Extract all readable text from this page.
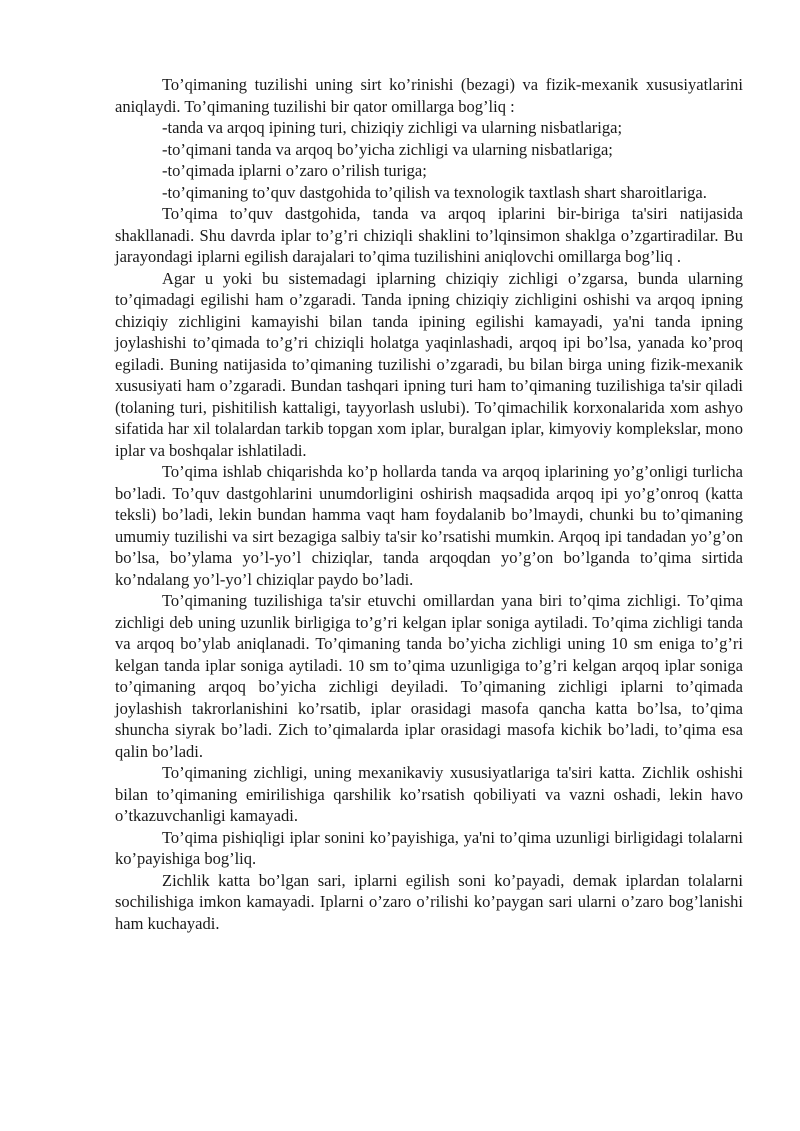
To’qimaning tuzilishi uning sirt ko’rinishi (bezagi) va fizik-mexanik xususiyatlarini aniqlaydi. To’qimaning tuzilishi bir qator omillarga bog’liq :

-tanda va arqoq ipining turi, chiziqiy zichligi va ularning nisbatlariga;

-to’qimani tanda va arqoq bo’yicha zichligi va ularning nisbatlariga;

-to’qimada iplarni o’zaro o’rilish turiga;

-to’qimaning to’quv dastgohida to’qilish va texnologik taxtlash shart sharoitlariga.

To’qima to’quv dastgohida, tanda va arqoq iplarini bir-biriga ta'siri natijasida shakllanadi. Shu davrda iplar to’g’ri chiziqli shaklini to’lqinsimon shaklga o’zgartiradilar. Bu jarayondagi iplarni egilish darajalari to’qima tuzilishini aniqlovchi omillarga bog’liq .

Agar u yoki bu sistemadagi iplarning chiziqiy zichligi o’zgarsa, bunda ularning to’qimadagi egilishi ham o’zgaradi. Tanda ipning chiziqiy zichligini oshishi va arqoq ipning chiziqiy zichligini kamayishi bilan tanda ipining egilishi kamayadi, ya'ni tanda ipning joylashishi to’qimada to’g’ri chiziqli holatga yaqinlashadi, arqoq ipi bo’lsa, yanada ko’proq egiladi. Buning natijasida to’qimaning tuzilishi o’zgaradi, bu bilan birga uning fizik-mexanik xususiyati ham o’zgaradi. Bundan tashqari ipning turi ham to’qimaning tuzilishiga ta'sir qiladi (tolaning turi, pishitilish kattaligi, tayyorlash uslubi). To’qimachilik korxonalarida xom ashyo sifatida har xil tolalardan tarkib topgan xom iplar, buralgan iplar, kimyoviy komplekslar, mono iplar va boshqalar ishlatiladi.

To’qima ishlab chiqarishda ko’p hollarda tanda va arqoq iplarining yo’g’onligi turlicha bo’ladi. To’quv dastgohlarini unumdorligini oshirish maqsadida arqoq ipi yo’g’onroq (katta teksli) bo’ladi, lekin bundan hamma vaqt ham foydalanib bo’lmaydi, chunki bu to’qimaning umumiy tuzilishi va sirt bezagiga salbiy ta'sir ko’rsatishi mumkin. Arqoq ipi tandadan yo’g’on bo’lsa, bo’ylama yo’l-yo’l chiziqlar, tanda arqoqdan yo’g’on bo’lganda to’qima sirtida ko’ndalang yo’l-yo’l chiziqlar paydo bo’ladi.

To’qimaning tuzilishiga ta'sir etuvchi omillardan yana biri to’qima zichligi. To’qima zichligi deb uning uzunlik birligiga to’g’ri kelgan iplar soniga aytiladi. To’qima zichligi tanda va arqoq bo’ylab aniqlanadi. To’qimaning tanda bo’yicha zichligi uning 10 sm eniga to’g’ri kelgan tanda iplar soniga aytiladi. 10 sm to’qima uzunligiga to’g’ri kelgan arqoq iplar soniga to’qimaning arqoq bo’yicha zichligi deyiladi. To’qimaning zichligi iplarni to’qimada joylashish takrorlanishini ko’rsatib, iplar orasidagi masofa qancha katta bo’lsa, to’qima shuncha siyrak bo’ladi. Zich to’qimalarda iplar orasidagi masofa kichik bo’ladi, to’qima esa qalin bo’ladi.

To’qimaning zichligi, uning mexanikaviy xususiyatlariga ta'siri katta. Zichlik oshishi bilan to’qimaning emirilishiga qarshilik ko’rsatish qobiliyati va vazni oshadi, lekin havo o’tkazuvchanligi kamayadi.

To’qima pishiqligi iplar sonini ko’payishiga, ya'ni to’qima uzunligi birligidagi tolalarni ko’payishiga bog’liq.

Zichlik katta bo’lgan sari, iplarni egilish soni ko’payadi, demak iplardan tolalarni sochilishiga imkon kamayadi. Iplarni o’zaro o’rilishi ko’paygan sari ularni o’zaro bog’lanishi ham kuchayadi.
